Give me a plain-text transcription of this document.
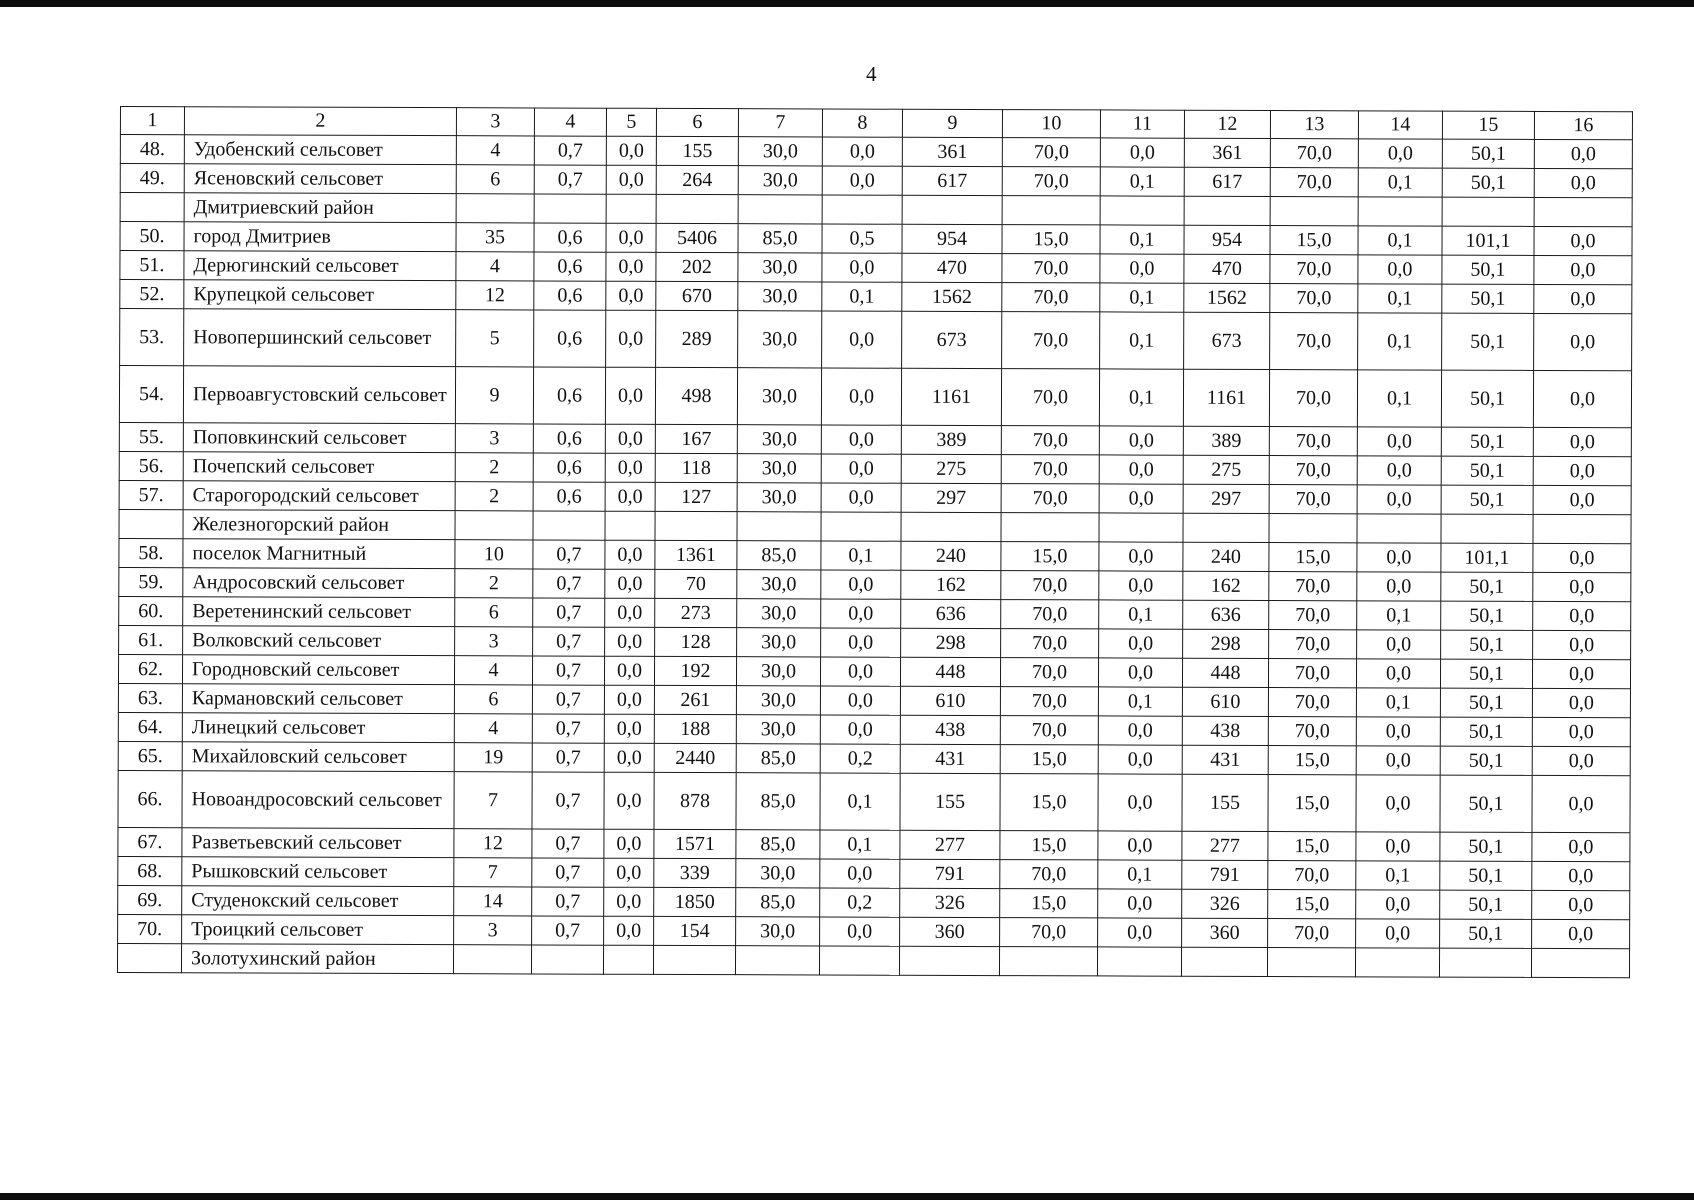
4
1	2	3	4	5	6	7	8	9	10	11	12	13	14	15	16
48.	Удобенский сельсовет	4	0,7	0,0	155	30,0	0,0	361	70,0	0,0	361	70,0	0,0	50,1	0,0
49.	Ясеновский сельсовет	6	0,7	0,0	264	30,0	0,0	617	70,0	0,1	617	70,0	0,1	50,1	0,0
	Дмитриевский район														
50.	город Дмитриев	35	0,6	0,0	5406	85,0	0,5	954	15,0	0,1	954	15,0	0,1	101,1	0,0
51.	Дерюгинский сельсовет	4	0,6	0,0	202	30,0	0,0	470	70,0	0,0	470	70,0	0,0	50,1	0,0
52.	Крупецкой сельсовет	12	0,6	0,0	670	30,0	0,1	1562	70,0	0,1	1562	70,0	0,1	50,1	0,0
53.	Новопершинский сельсовет	5	0,6	0,0	289	30,0	0,0	673	70,0	0,1	673	70,0	0,1	50,1	0,0
54.	Первоавгустовский сельсовет	9	0,6	0,0	498	30,0	0,0	1161	70,0	0,1	1161	70,0	0,1	50,1	0,0
55.	Поповкинский сельсовет	3	0,6	0,0	167	30,0	0,0	389	70,0	0,0	389	70,0	0,0	50,1	0,0
56.	Почепский сельсовет	2	0,6	0,0	118	30,0	0,0	275	70,0	0,0	275	70,0	0,0	50,1	0,0
57.	Старогородский сельсовет	2	0,6	0,0	127	30,0	0,0	297	70,0	0,0	297	70,0	0,0	50,1	0,0
	Железногорский район														
58.	поселок Магнитный	10	0,7	0,0	1361	85,0	0,1	240	15,0	0,0	240	15,0	0,0	101,1	0,0
59.	Андросовский сельсовет	2	0,7	0,0	70	30,0	0,0	162	70,0	0,0	162	70,0	0,0	50,1	0,0
60.	Веретенинский сельсовет	6	0,7	0,0	273	30,0	0,0	636	70,0	0,1	636	70,0	0,1	50,1	0,0
61.	Волковский сельсовет	3	0,7	0,0	128	30,0	0,0	298	70,0	0,0	298	70,0	0,0	50,1	0,0
62.	Городновский сельсовет	4	0,7	0,0	192	30,0	0,0	448	70,0	0,0	448	70,0	0,0	50,1	0,0
63.	Кармановский сельсовет	6	0,7	0,0	261	30,0	0,0	610	70,0	0,1	610	70,0	0,1	50,1	0,0
64.	Линецкий сельсовет	4	0,7	0,0	188	30,0	0,0	438	70,0	0,0	438	70,0	0,0	50,1	0,0
65.	Михайловский сельсовет	19	0,7	0,0	2440	85,0	0,2	431	15,0	0,0	431	15,0	0,0	50,1	0,0
66.	Новоандросовский сельсовет	7	0,7	0,0	878	85,0	0,1	155	15,0	0,0	155	15,0	0,0	50,1	0,0
67.	Разветьевский сельсовет	12	0,7	0,0	1571	85,0	0,1	277	15,0	0,0	277	15,0	0,0	50,1	0,0
68.	Рышковский сельсовет	7	0,7	0,0	339	30,0	0,0	791	70,0	0,1	791	70,0	0,1	50,1	0,0
69.	Студенокский сельсовет	14	0,7	0,0	1850	85,0	0,2	326	15,0	0,0	326	15,0	0,0	50,1	0,0
70.	Троицкий сельсовет	3	0,7	0,0	154	30,0	0,0	360	70,0	0,0	360	70,0	0,0	50,1	0,0
	Золотухинский район														
